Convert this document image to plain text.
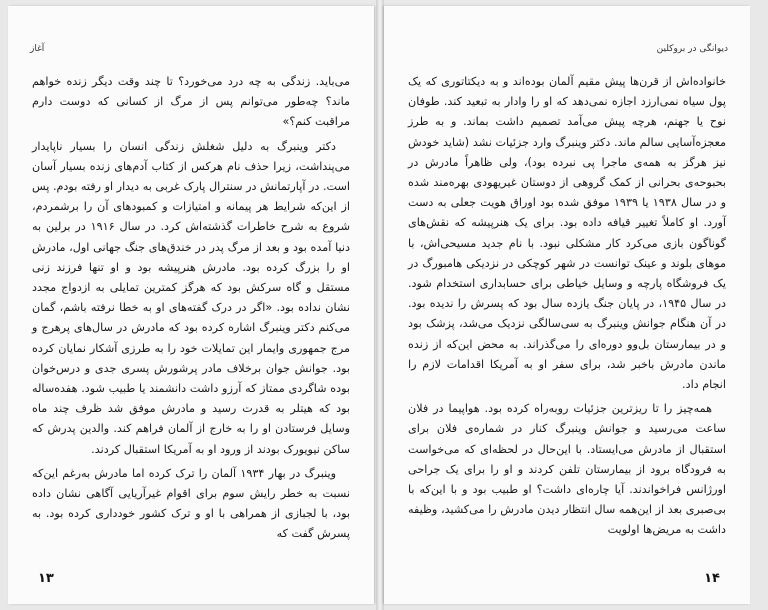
آغاز

می‌باید. زندگی به چه درد می‌خورد؟ تا چند وقت دیگر زنده خواهم ماند؟ چه‌طور می‌توانم پس از مرگ از کسانی که دوست دارم مراقبت کنم؟»

دکتر وینبرگ به دلیل شغلش زندگی انسان را بسیار ناپایدار می‌پنداشت، زیرا حذف نام هرکس از کتاب آدم‌های زنده بسیار آسان است. در آپارتمانش در سنترال پارک غربی به دیدار او رفته بودم. پس از این‌که شرایط هر پیمانه و امتیازات و کمبودهای آن را برشمردم، شروع به شرح خاطرات گذشته‌اش کرد. در سال ۱۹۱۶ در برلین به دنیا آمده بود و بعد از مرگ پدر در خندق‌های جنگ جهانی اول، مادرش او را بزرگ کرده بود. مادرش هنرپیشه بود و او تنها فرزند زنی مستقل و گاه سرکش بود که هرگز کمترین تمایلی به ازدواج مجدد نشان نداده بود. «اگر در درک گفته‌های او به خطا نرفته باشم، گمان می‌کنم دکتر وینبرگ اشاره کرده بود که مادرش در سال‌های پرهرج و مرج جمهوری وایمار این تمایلات خود را به طرزی آشکار نمایان کرده بود. جوانش جوان برخلاف مادر پرشورش پسری جدی و درس‌خوان بوده شاگردی ممتاز که آرزو داشت دانشمند یا طبیب شود. هفده‌ساله بود که هیتلر به قدرت رسید و مادرش موفق شد ظرف چند ماه وسایل فرستادن او را به خارج از آلمان فراهم کند. والدین پدرش که ساکن نیویورک بودند از ورود او به آمریکا استقبال کردند.

وینبرگ در بهار ۱۹۳۴ آلمان را ترک کرده اما مادرش به‌رغم این‌که نسبت به خطر رایش سوم برای اقوام غیرآریایی آگاهی نشان داده بود، با لجبازی از همراهی با او و ترک کشور خودداری کرده بود. به پسرش گفت که

۱۳
دیوانگی در بروکلین

خانواده‌اش از قرن‌ها پیش مقیم آلمان بوده‌اند و به دیکتاتوری که یک پول سیاه نمی‌ارزد اجازه نمی‌دهد که او را وادار به تبعید کند. طوفان نوح یا جهنم، هرچه پیش می‌آمد تصمیم داشت بماند. و به طرز معجزه‌آسایی سالم ماند. دکتر وینبرگ وارد جزئیات نشد (شاید خودش نیز هرگز به همه‌ی ماجرا پی نبرده بود)، ولی ظاهراً مادرش در بحبوحه‌ی بحرانی از کمک گروهی از دوستان غیریهودی بهره‌مند شده و در سال ۱۹۳۸ یا ۱۹۳۹ موفق شده بود اوراق هویت جعلی به دست آورد. او کاملاً تغییر قیافه داده بود. برای یک هنرپیشه که نقش‌های گوناگون بازی می‌کرد کار مشکلی نبود. با نام جدید مسیحی‌اش، با موهای بلوند و عینک توانست در شهر کوچکی در نزدیکی هامبورگ در یک فروشگاه پارچه و وسایل خیاطی برای حسابداری استخدام شود. در سال ۱۹۴۵، در پایان جنگ یازده سال بود که پسرش را ندیده بود. در آن هنگام جوانش وینبرگ به سی‌سالگی نزدیک می‌شد، پزشک بود و در بیمارستان بل‌وو دوره‌ای را می‌گذراند. به محض این‌که از زنده ماندن مادرش باخبر شد، برای سفر او به آمریکا اقدامات لازم را انجام داد.

همه‌چیز را تا ریزترین جزئیات روبه‌راه کرده بود. هواپیما در فلان ساعت می‌رسید و جوانش وینبرگ کنار در شماره‌ی فلان برای استقبال از مادرش می‌ایستاد. با این‌حال در لحظه‌ای که می‌خواست به فرودگاه برود از بیمارستان تلفن کردند و او را برای یک جراحی اورژانس فراخواندند. آیا چاره‌ای داشت؟ او طبیب بود و با این‌که با بی‌صبری بعد از این‌همه سال انتظار دیدن مادرش را می‌کشید، وظیفه داشت به مریض‌ها اولویت

۱۴
